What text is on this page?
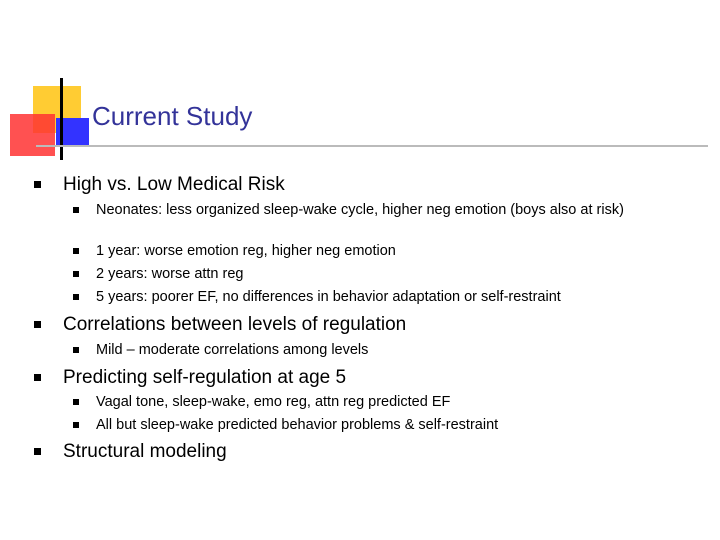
Current Study
High vs. Low Medical Risk
Neonates: less organized sleep-wake cycle, higher neg emotion (boys also at risk)
1 year: worse emotion reg, higher neg emotion
2 years: worse attn reg
5 years: poorer EF, no differences in behavior adaptation or self-restraint
Correlations between levels of regulation
Mild – moderate correlations among levels
Predicting self-regulation at age 5
Vagal tone, sleep-wake, emo reg, attn reg predicted EF
All but sleep-wake predicted behavior problems & self-restraint
Structural modeling
